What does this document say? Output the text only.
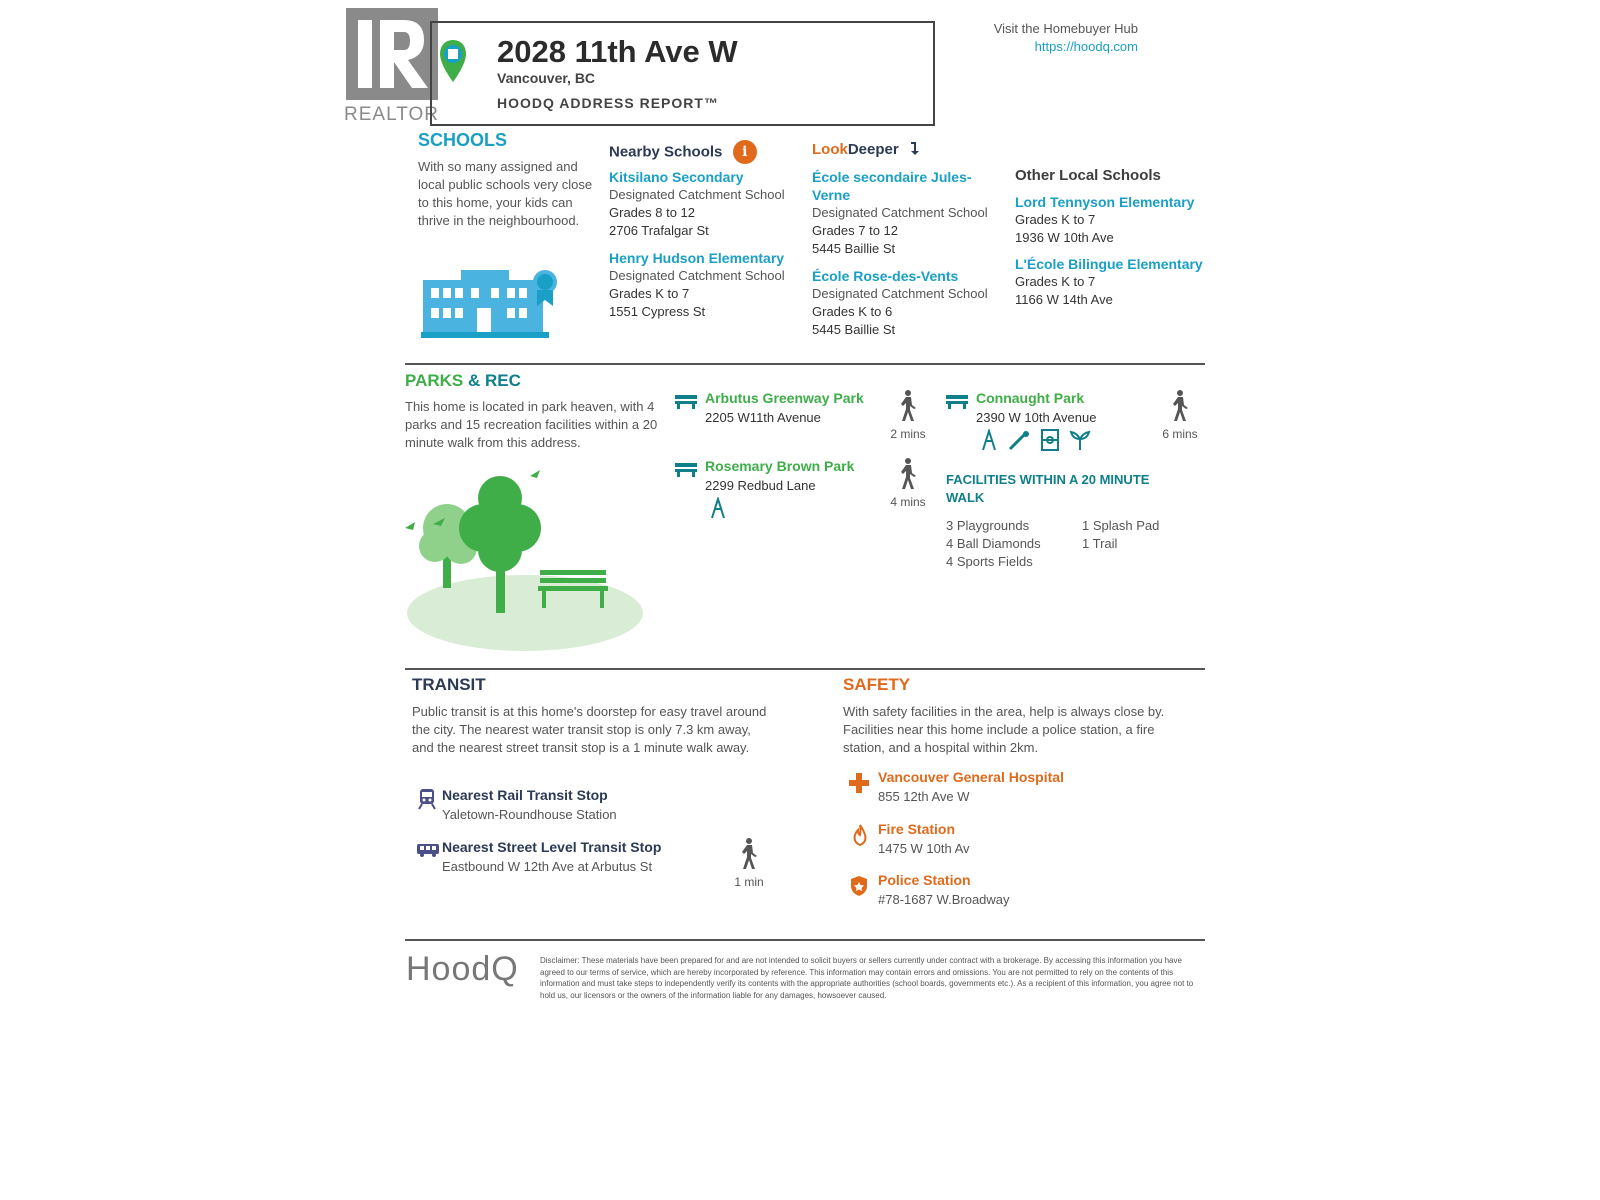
REALTOR
2028 11th Ave W
Vancouver, BC
HOODQ ADDRESS REPORT™
Visit the Homebuyer Hub
https://hoodq.com
SCHOOLS
With so many assigned and local public schools very close to this home, your kids can thrive in the neighbourhood.
Nearby Schools i
Kitsilano Secondary
Designated Catchment School
Grades 8 to 12
2706 Trafalgar St
Henry Hudson Elementary
Designated Catchment School
Grades K to 7
1551 Cypress St
LookDeeper
École secondaire Jules-Verne
Designated Catchment School
Grades 7 to 12
5445 Baillie St
École Rose-des-Vents
Designated Catchment School
Grades K to 6
5445 Baillie St
Other Local Schools
Lord Tennyson Elementary
Grades K to 7
1936 W 10th Ave
L'École Bilingue Elementary
Grades K to 7
1166 W 14th Ave
PARKS & REC
This home is located in park heaven, with 4 parks and 15 recreation facilities within a 20 minute walk from this address.
Arbutus Greenway Park
2205 W11th Avenue
2 mins
Rosemary Brown Park
2299 Redbud Lane
4 mins
Connaught Park
2390 W 10th Avenue

6 mins
FACILITIES WITHIN A 20 MINUTE WALK
3 Playgrounds
4 Ball Diamonds
4 Sports Fields
1 Splash Pad
1 Trail
TRANSIT
Public transit is at this home's doorstep for easy travel around the city. The nearest water transit stop is only 7.3 km away, and the nearest street transit stop is a 1 minute walk away.
Nearest Rail Transit Stop
Yaletown-Roundhouse Station
Nearest Street Level Transit Stop
Eastbound W 12th Ave at Arbutus St
1 min
SAFETY
With safety facilities in the area, help is always close by. Facilities near this home include a police station, a fire station, and a hospital within 2km.
Vancouver General Hospital
855 12th Ave W
Fire Station
1475 W 10th Av
Police Station
#78-1687 W.Broadway
HoodQ	Disclaimer: These materials have been prepared for and are not intended to solicit buyers or sellers currently under contract with a brokerage. By accessing this information you have agreed to our terms of service, which are hereby incorporated by reference. This information may contain errors and omissions. You are not permitted to rely on the contents of this information and must take steps to independently verify its contents with the appropriate authorities (school boards, governments etc.). As a recipient of this information, you agree not to hold us, our licensors or the owners of the information liable for any damages, howsoever caused.
